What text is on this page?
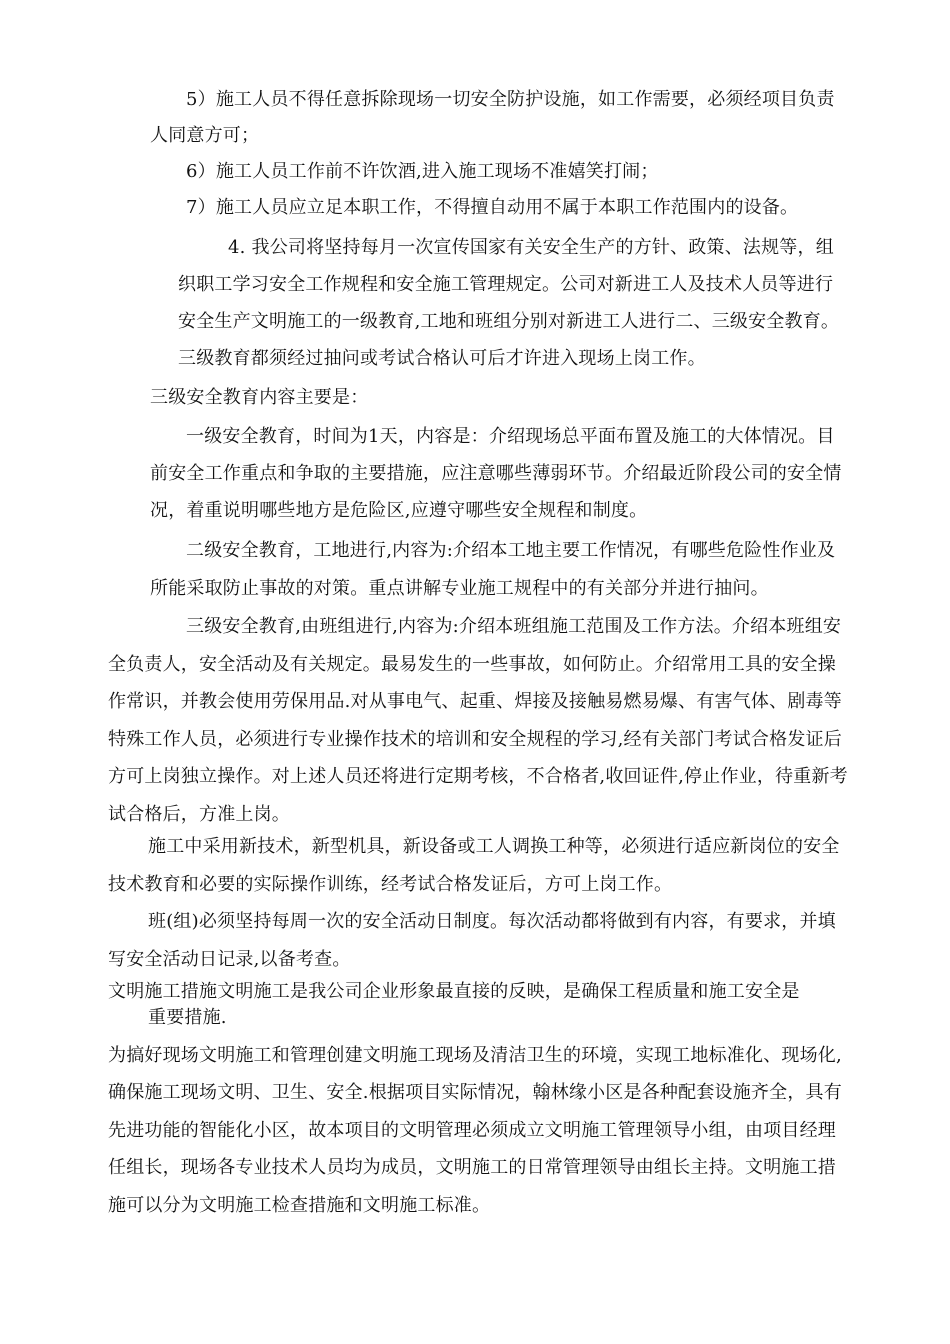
5）施工人员不得任意拆除现场一切安全防护设施，如工作需要，必须经项目负责人同意方可；

6）施工人员工作前不许饮酒,进入施工现场不准嬉笑打闹；

7）施工人员应立足本职工作，不得擅自动用不属于本职工作范围内的设备。

4. 我公司将坚持每月一次宣传国家有关安全生产的方针、政策、法规等，组织职工学习安全工作规程和安全施工管理规定。公司对新进工人及技术人员等进行安全生产文明施工的一级教育,工地和班组分别对新进工人进行二、三级安全教育。三级教育都须经过抽问或考试合格认可后才许进入现场上岗工作。

三级安全教育内容主要是：

一级安全教育，时间为1天，内容是：介绍现场总平面布置及施工的大体情况。目前安全工作重点和争取的主要措施，应注意哪些薄弱环节。介绍最近阶段公司的安全情况，着重说明哪些地方是危险区,应遵守哪些安全规程和制度。

二级安全教育，工地进行,内容为:介绍本工地主要工作情况，有哪些危险性作业及所能采取防止事故的对策。重点讲解专业施工规程中的有关部分并进行抽问。

三级安全教育,由班组进行,内容为:介绍本班组施工范围及工作方法。介绍本班组安全负责人，安全活动及有关规定。最易发生的一些事故，如何防止。介绍常用工具的安全操作常识，并教会使用劳保用品.对从事电气、起重、焊接及接触易燃易爆、有害气体、剧毒等特殊工作人员，必须进行专业操作技术的培训和安全规程的学习,经有关部门考试合格发证后方可上岗独立操作。对上述人员还将进行定期考核，不合格者,收回证件,停止作业，待重新考试合格后，方准上岗。

施工中采用新技术，新型机具，新设备或工人调换工种等，必须进行适应新岗位的安全技术教育和必要的实际操作训练，经考试合格发证后，方可上岗工作。

班(组)必须坚持每周一次的安全活动日制度。每次活动都将做到有内容，有要求，并填写安全活动日记录,以备考查。

文明施工措施文明施工是我公司企业形象最直接的反映，是确保工程质量和施工安全是
重要措施.

为搞好现场文明施工和管理创建文明施工现场及清洁卫生的环境，实现工地标准化、现场化,确保施工现场文明、卫生、安全.根据项目实际情况，翰林缘小区是各种配套设施齐全，具有先进功能的智能化小区，故本项目的文明管理必须成立文明施工管理领导小组，由项目经理任组长，现场各专业技术人员均为成员，文明施工的日常管理领导由组长主持。文明施工措施可以分为文明施工检查措施和文明施工标准。
